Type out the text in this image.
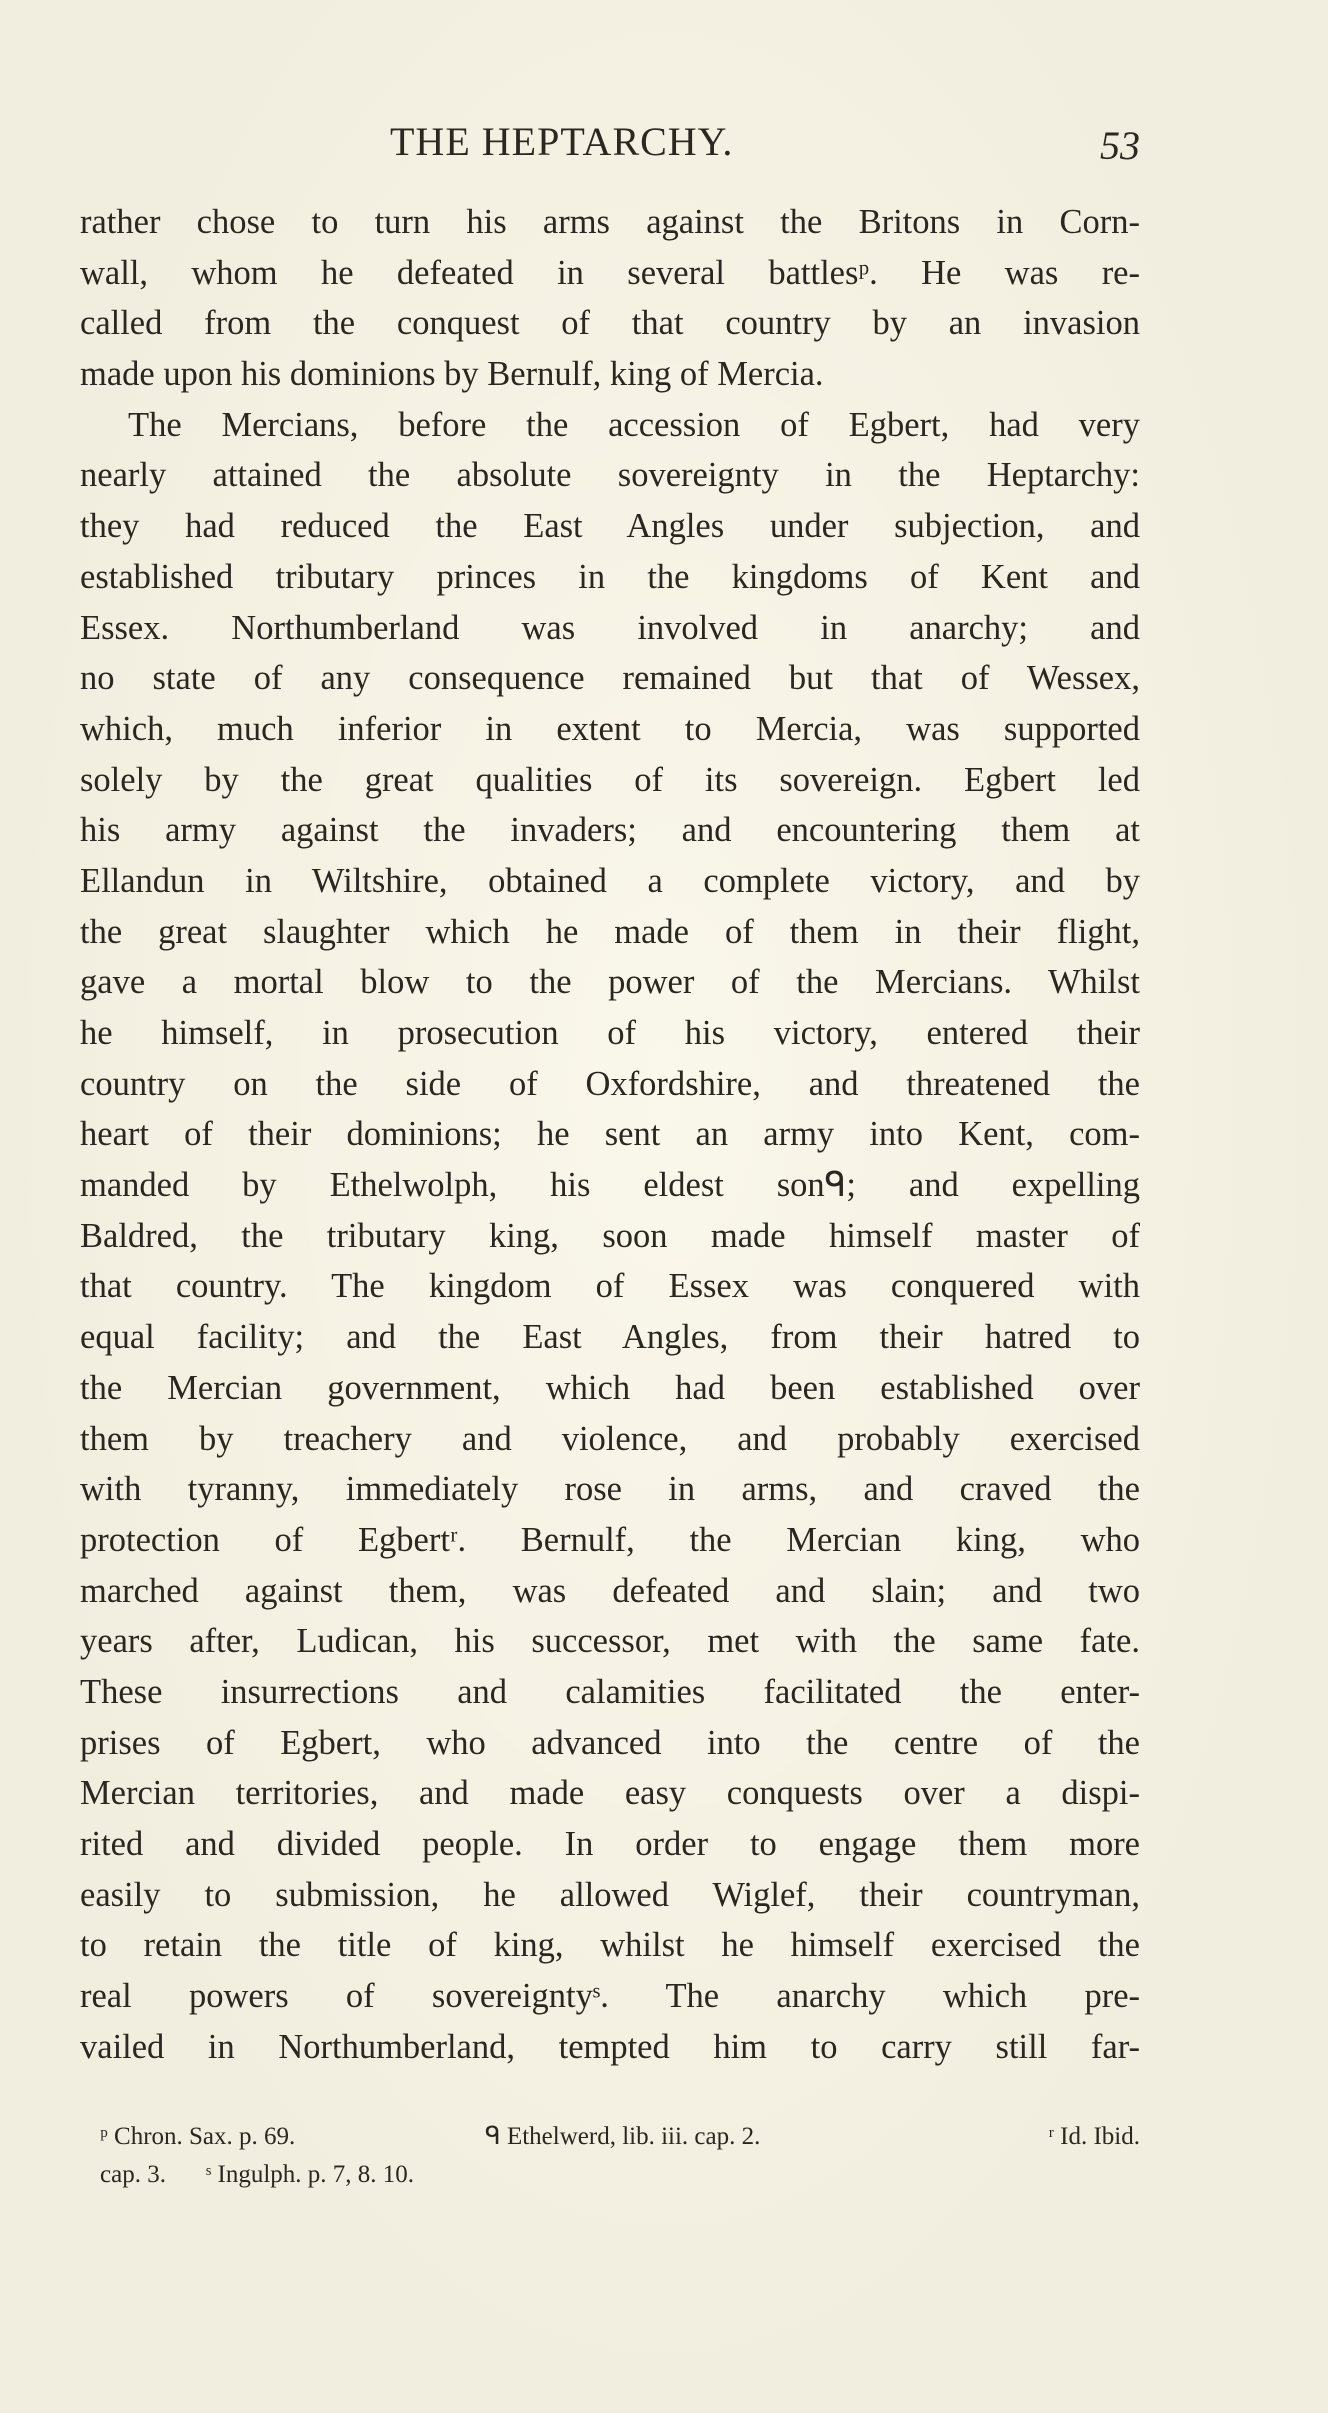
THE HEPTARCHY.	53
rather chose to turn his arms against the Britons in Corn-
wall, whom he defeated in several battlesᵖ. He was re-
called from the conquest of that country by an invasion
made upon his dominions by Bernulf, king of Mercia.
The Mercians, before the accession of Egbert, had very
nearly attained the absolute sovereignty in the Heptarchy:
they had reduced the East Angles under subjection, and
established tributary princes in the kingdoms of Kent and
Essex. Northumberland was involved in anarchy; and
no state of any consequence remained but that of Wessex,
which, much inferior in extent to Mercia, was supported
solely by the great qualities of its sovereign. Egbert led
his army against the invaders; and encountering them at
Ellandun in Wiltshire, obtained a complete victory, and by
the great slaughter which he made of them in their flight,
gave a mortal blow to the power of the Mercians. Whilst
he himself, in prosecution of his victory, entered their
country on the side of Oxfordshire, and threatened the
heart of their dominions; he sent an army into Kent, com-
manded by Ethelwolph, his eldest sonᑫ; and expelling
Baldred, the tributary king, soon made himself master of
that country. The kingdom of Essex was conquered with
equal facility; and the East Angles, from their hatred to
the Mercian government, which had been established over
them by treachery and violence, and probably exercised
with tyranny, immediately rose in arms, and craved the
protection of Egbertʳ. Bernulf, the Mercian king, who
marched against them, was defeated and slain; and two
years after, Ludican, his successor, met with the same fate.
These insurrections and calamities facilitated the enter-
prises of Egbert, who advanced into the centre of the
Mercian territories, and made easy conquests over a dispi-
rited and divided people. In order to engage them more
easily to submission, he allowed Wiglef, their countryman,
to retain the title of king, whilst he himself exercised the
real powers of sovereigntyˢ. The anarchy which pre-
vailed in Northumberland, tempted him to carry still far-
ᵖ Chron. Sax. p. 69.	ᑫ Ethelwerd, lib. iii. cap. 2.	ʳ Id. Ibid.
cap. 3. ˢ Ingulph. p. 7, 8. 10.
